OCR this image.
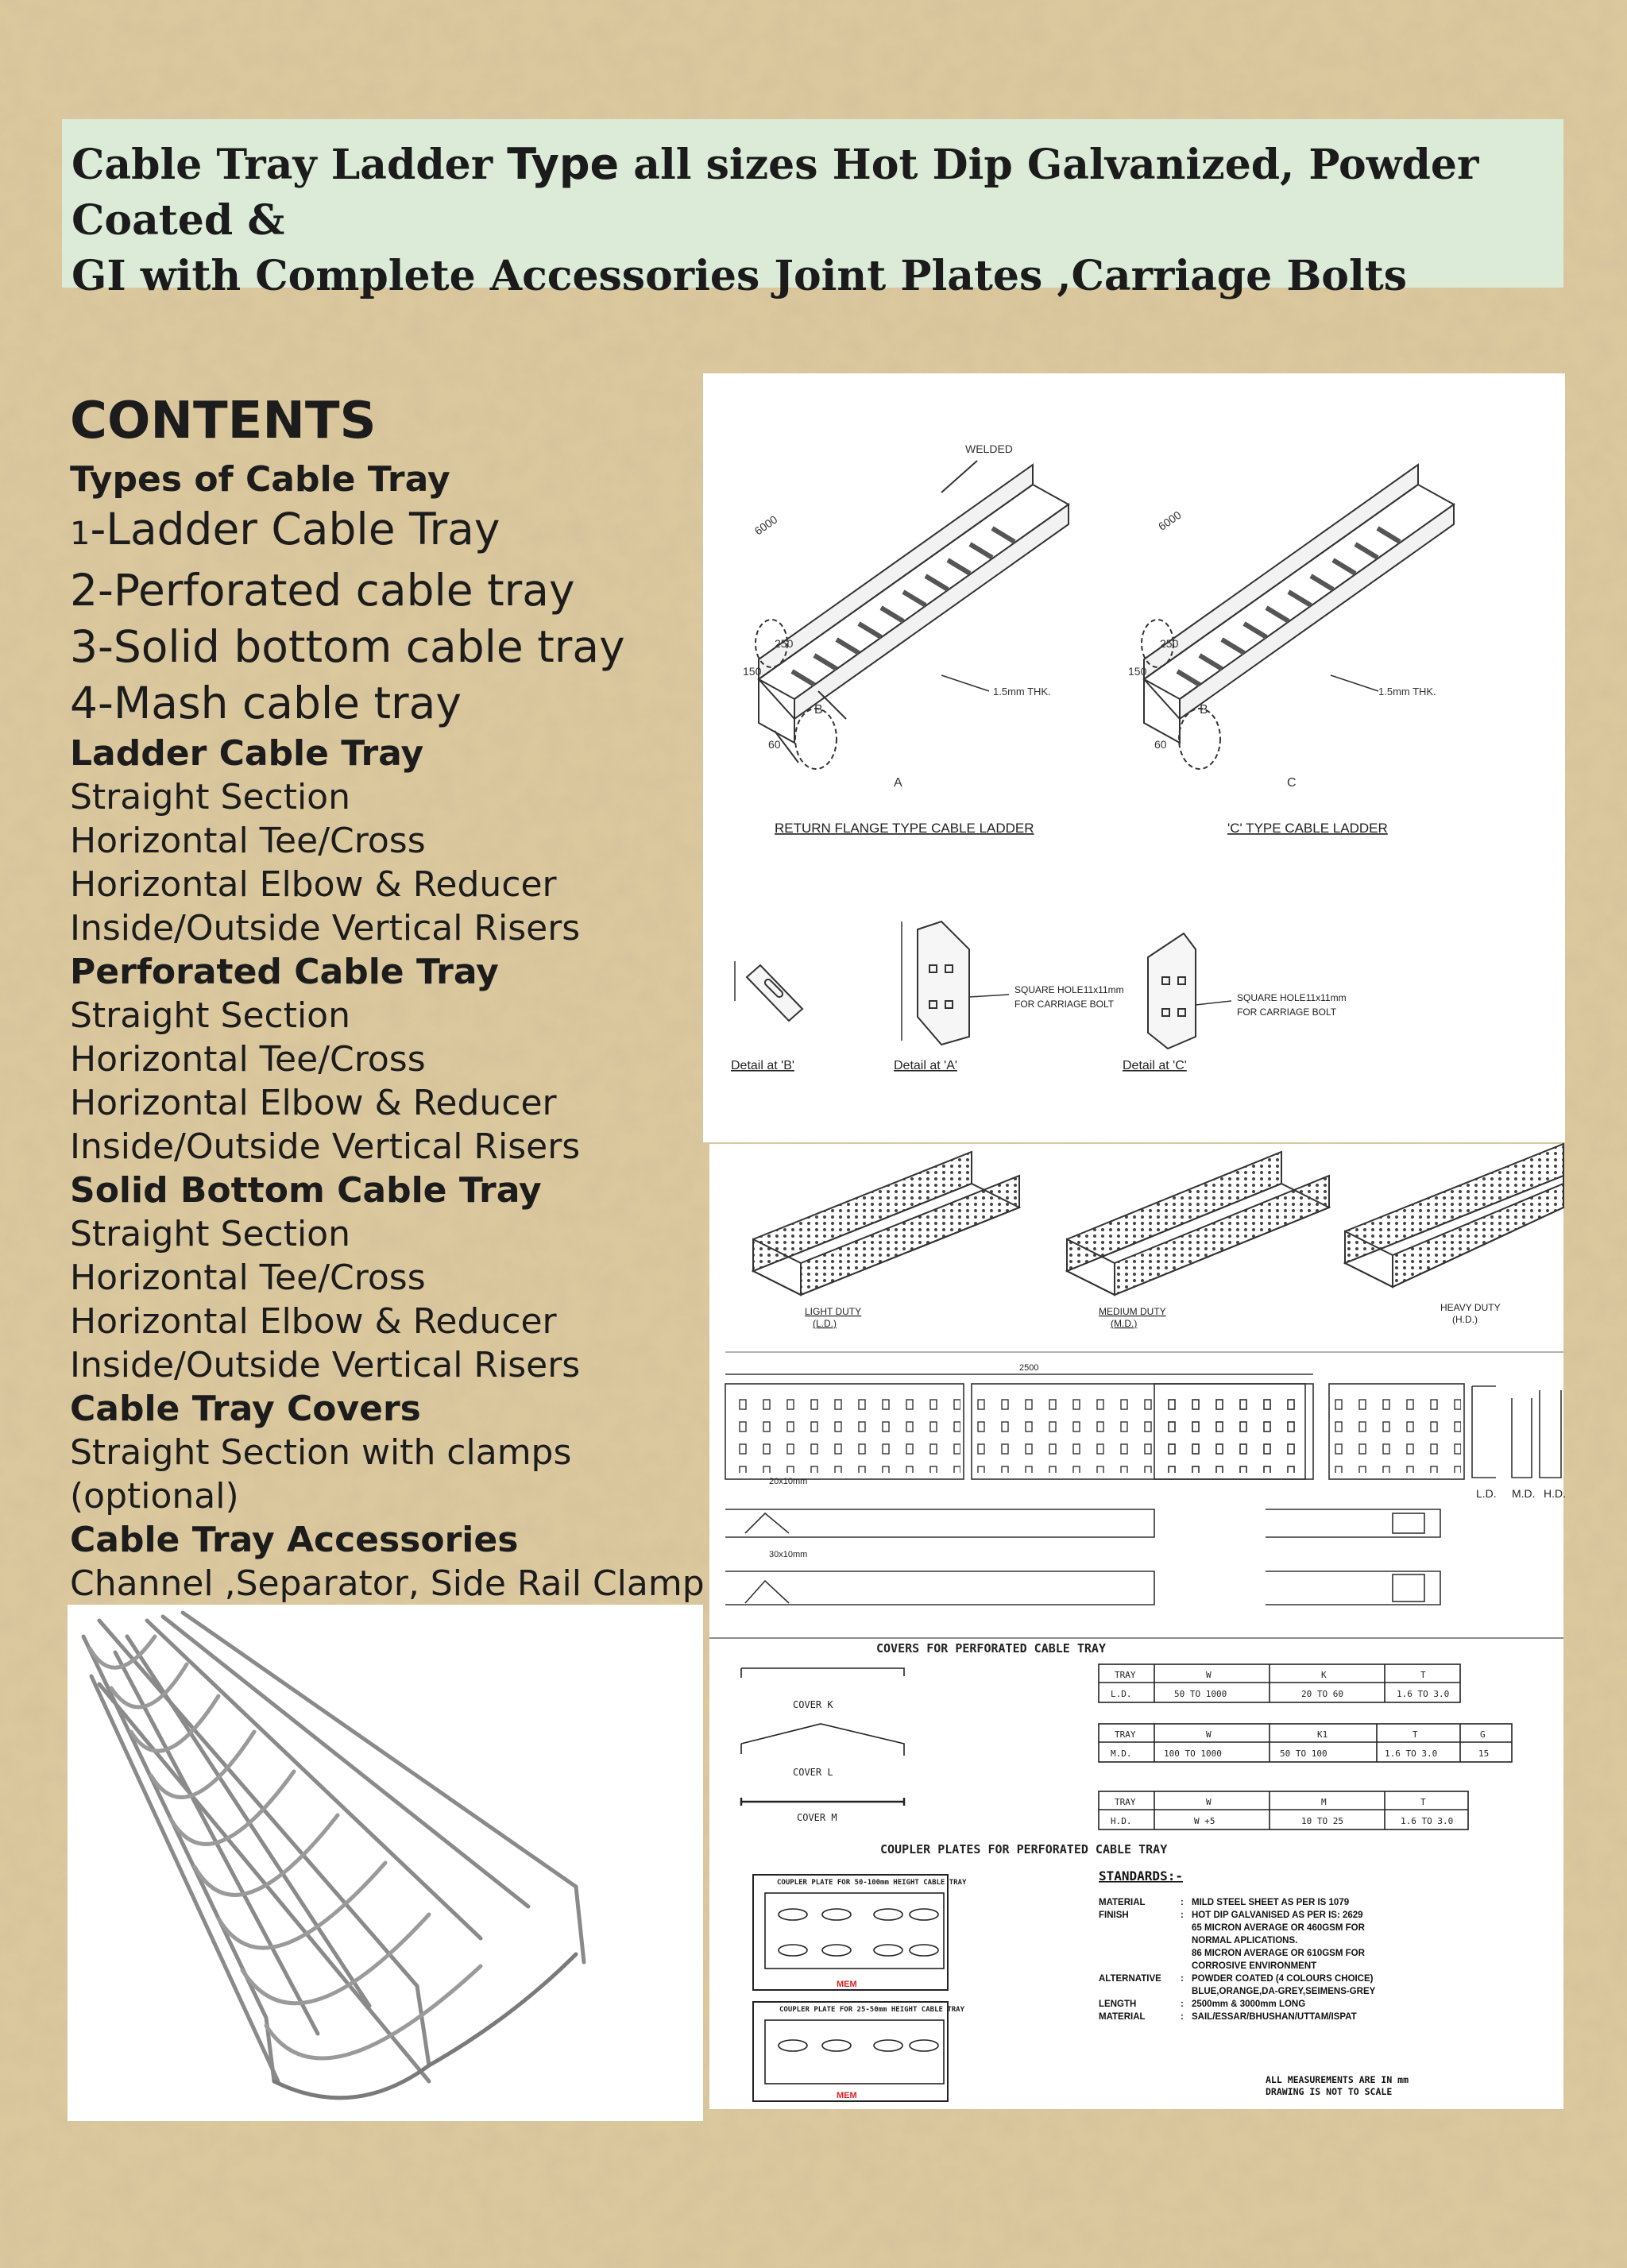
Cable Tray Ladder Type all sizes Hot Dip Galvanized, Powder Coated &
GI with Complete Accessories Joint Plates ,Carriage Bolts

CONTENTS
Types of Cable Tray
1-Ladder Cable Tray
2-Perforated cable tray
3-Solid bottom cable tray
4-Mash cable tray
Ladder Cable Tray
Straight Section
Horizontal Tee/Cross
Horizontal Elbow & Reducer
Inside/Outside Vertical Risers
Perforated Cable Tray
Straight Section
Horizontal Tee/Cross
Horizontal Elbow & Reducer
Inside/Outside Vertical Risers
Solid Bottom Cable Tray
Straight Section
Horizontal Tee/Cross
Horizontal Elbow & Reducer
Inside/Outside Vertical Risers
Cable Tray Covers
Straight Section with clamps (optional)
Cable Tray Accessories
Channel ,Separator, Side Rail Clamp
6000
WELDED
250
150
60
1.5mm THK.
B
A
RETURN FLANGE TYPE CABLE LADDER
6000
250
150
60
1.5mm THK.
B
C
'C' TYPE CABLE LADDER
Detail at 'B'
SQUARE HOLE11x11mm
FOR CARRIAGE BOLT
Detail at 'A'
SQUARE HOLE11x11mm
FOR CARRIAGE BOLT
Detail at 'C'
LIGHT DUTY
(L.D.)
MEDIUM DUTY
(M.D.)
HEAVY DUTY
(H.D.)
2500
L.D. M.D. H.D.
20x10mm
30x10mm
COVERS FOR PERFORATED CABLE TRAY
COVER K
COVER L
COVER M
TRAY	W	K	T
L.D.	50 TO 1000	20 TO 60	1.6 TO 3.0
TRAY	W	K1	T	G
M.D.	100 TO 1000	50 TO 100	1.6 TO 3.0	15
TRAY	W	M	T
H.D.	W +5	10 TO 25	1.6 TO 3.0
COUPLER PLATES FOR PERFORATED CABLE TRAY
COUPLER PLATE FOR 50-100mm HEIGHT CABLE TRAY
MEM
COUPLER PLATE FOR 25-50mm HEIGHT CABLE TRAY
MEM
STANDARDS:-
MATERIAL	: MILD STEEL SHEET AS PER IS 1079
FINISH	: HOT DIP GALVANISED AS PER IS: 2629
65 MICRON AVERAGE OR 460GSM FOR
NORMAL APLICATIONS.
86 MICRON AVERAGE OR 610GSM FOR
CORROSIVE ENVIRONMENT
ALTERNATIVE : POWDER COATED (4 COLOURS CHOICE)
BLUE,ORANGE,DA-GREY,SEIMENS-GREY
LENGTH	: 2500mm & 3000mm LONG
MATERIAL	: SAIL/ESSAR/BHUSHAN/UTTAM/ISPAT
ALL MEASUREMENTS ARE IN mm
DRAWING IS NOT TO SCALE
